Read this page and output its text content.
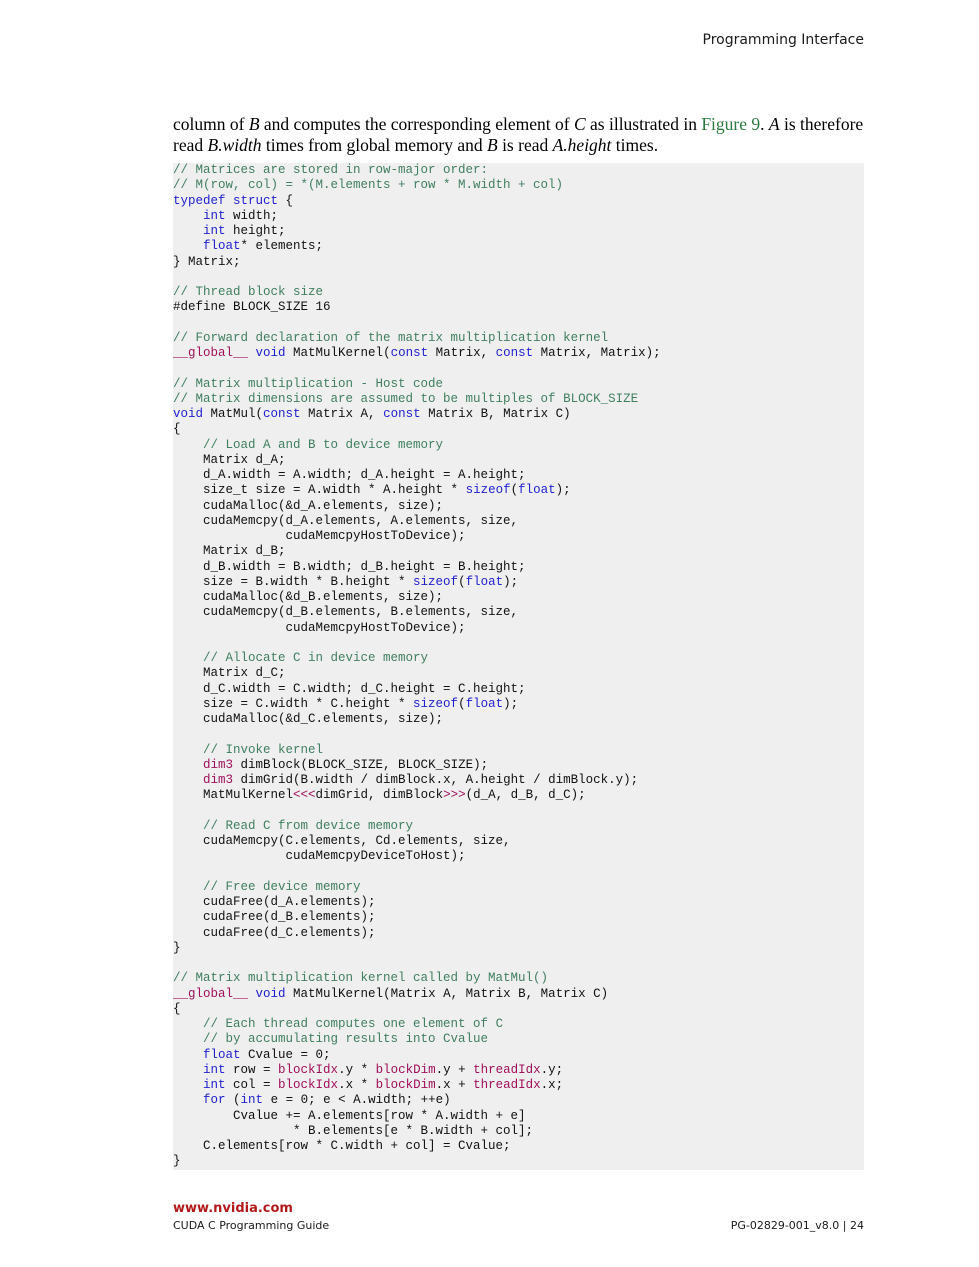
Programming Interface

column of B and computes the corresponding element of C as illustrated in Figure 9. A is therefore read B.width times from global memory and B is read A.height times.

// Matrices are stored in row-major order:
// M(row, col) = *(M.elements + row * M.width + col)
typedef struct {
int width;
int height;
float* elements;
} Matrix;

// Thread block size
#define BLOCK_SIZE 16

// Forward declaration of the matrix multiplication kernel
__global__ void MatMulKernel(const Matrix, const Matrix, Matrix);

// Matrix multiplication - Host code
// Matrix dimensions are assumed to be multiples of BLOCK_SIZE
void MatMul(const Matrix A, const Matrix B, Matrix C)
{
// Load A and B to device memory
Matrix d_A;
d_A.width = A.width; d_A.height = A.height;
size_t size = A.width * A.height * sizeof(float);
cudaMalloc(&d_A.elements, size);
cudaMemcpy(d_A.elements, A.elements, size,
cudaMemcpyHostToDevice);
Matrix d_B;
d_B.width = B.width; d_B.height = B.height;
size = B.width * B.height * sizeof(float);
cudaMalloc(&d_B.elements, size);
cudaMemcpy(d_B.elements, B.elements, size,
cudaMemcpyHostToDevice);

// Allocate C in device memory
Matrix d_C;
d_C.width = C.width; d_C.height = C.height;
size = C.width * C.height * sizeof(float);
cudaMalloc(&d_C.elements, size);

// Invoke kernel
dim3 dimBlock(BLOCK_SIZE, BLOCK_SIZE);
dim3 dimGrid(B.width / dimBlock.x, A.height / dimBlock.y);
MatMulKernel<<<dimGrid, dimBlock>>>(d_A, d_B, d_C);

// Read C from device memory
cudaMemcpy(C.elements, Cd.elements, size,
cudaMemcpyDeviceToHost);

// Free device memory
cudaFree(d_A.elements);
cudaFree(d_B.elements);
cudaFree(d_C.elements);
}

// Matrix multiplication kernel called by MatMul()
__global__ void MatMulKernel(Matrix A, Matrix B, Matrix C)
{
// Each thread computes one element of C
// by accumulating results into Cvalue
float Cvalue = 0;
int row = blockIdx.y * blockDim.y + threadIdx.y;
int col = blockIdx.x * blockDim.x + threadIdx.x;
for (int e = 0; e < A.width; ++e)
Cvalue += A.elements[row * A.width + e]
* B.elements[e * B.width + col];
C.elements[row * C.width + col] = Cvalue;
}

www.nvidia.com
CUDA C Programming Guide	PG-02829-001_v8.0 | 24
